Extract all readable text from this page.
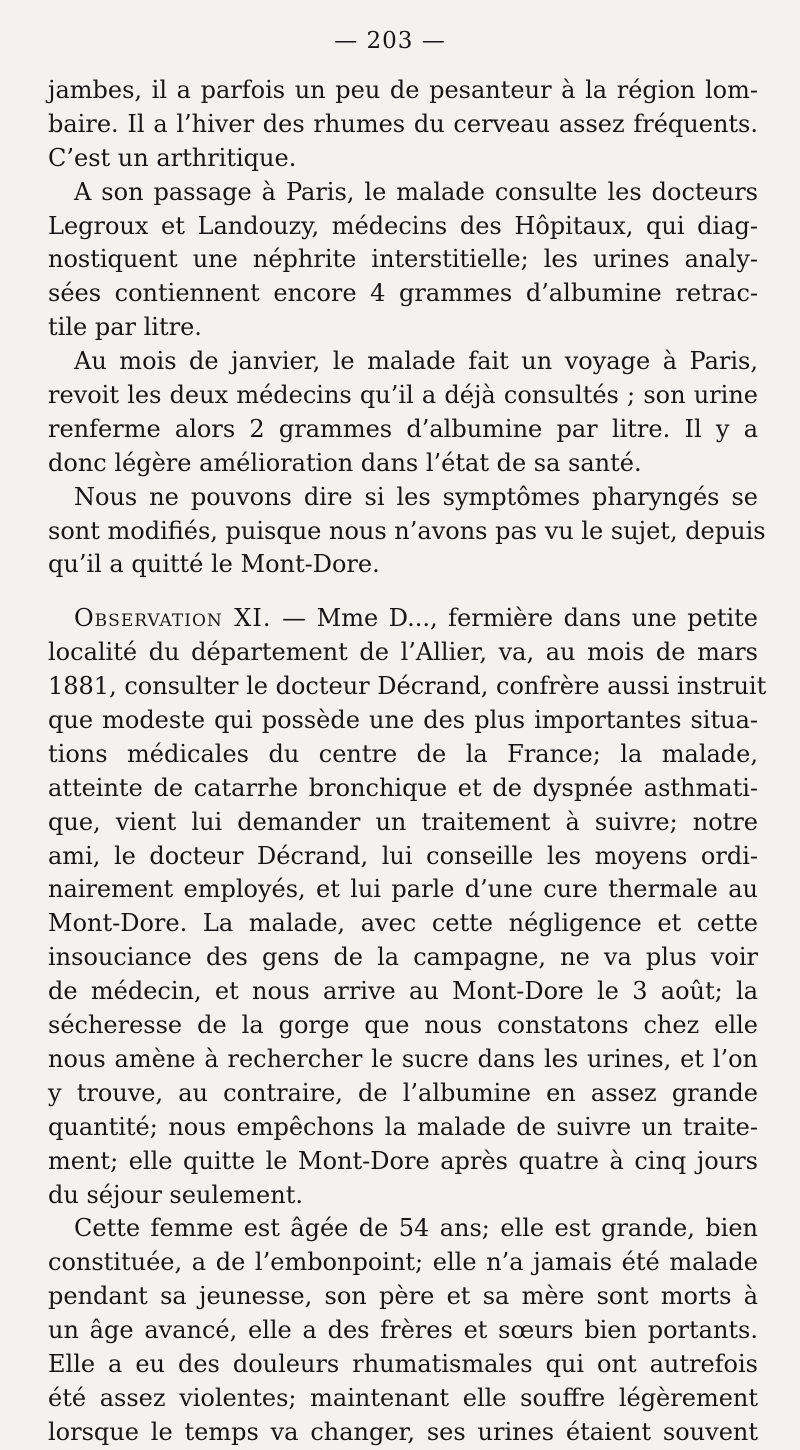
— 203 —
jambes, il a parfois un peu de pesanteur à la région lom-
baire. Il a l’hiver des rhumes du cerveau assez fréquents.
C’est un arthritique.
A son passage à Paris, le malade consulte les docteurs
Legroux et Landouzy, médecins des Hôpitaux, qui diag-
nostiquent une néphrite interstitielle; les urines analy-
sées contiennent encore 4 grammes d’albumine retrac-
tile par litre.
Au mois de janvier, le malade fait un voyage à Paris,
revoit les deux médecins qu’il a déjà consultés ; son urine
renferme alors 2 grammes d’albumine par litre. Il y a
donc légère amélioration dans l’état de sa santé.
Nous ne pouvons dire si les symptômes pharyngés se
sont modifiés, puisque nous n’avons pas vu le sujet, depuis
qu’il a quitté le Mont-Dore.
Observation XI. — Mme D..., fermière dans une petite
localité du département de l’Allier, va, au mois de mars
1881, consulter le docteur Décrand, confrère aussi instruit
que modeste qui possède une des plus importantes situa-
tions médicales du centre de la France; la malade,
atteinte de catarrhe bronchique et de dyspnée asthmati-
que, vient lui demander un traitement à suivre; notre
ami, le docteur Décrand, lui conseille les moyens ordi-
nairement employés, et lui parle d’une cure thermale au
Mont-Dore. La malade, avec cette négligence et cette
insouciance des gens de la campagne, ne va plus voir
de médecin, et nous arrive au Mont-Dore le 3 août; la
sécheresse de la gorge que nous constatons chez elle
nous amène à rechercher le sucre dans les urines, et l’on
y trouve, au contraire, de l’albumine en assez grande
quantité; nous empêchons la malade de suivre un traite-
ment; elle quitte le Mont-Dore après quatre à cinq jours
du séjour seulement.
Cette femme est âgée de 54 ans; elle est grande, bien
constituée, a de l’embonpoint; elle n’a jamais été malade
pendant sa jeunesse, son père et sa mère sont morts à
un âge avancé, elle a des frères et sœurs bien portants.
Elle a eu des douleurs rhumatismales qui ont autrefois
été assez violentes; maintenant elle souffre légèrement
lorsque le temps va changer, ses urines étaient souvent
